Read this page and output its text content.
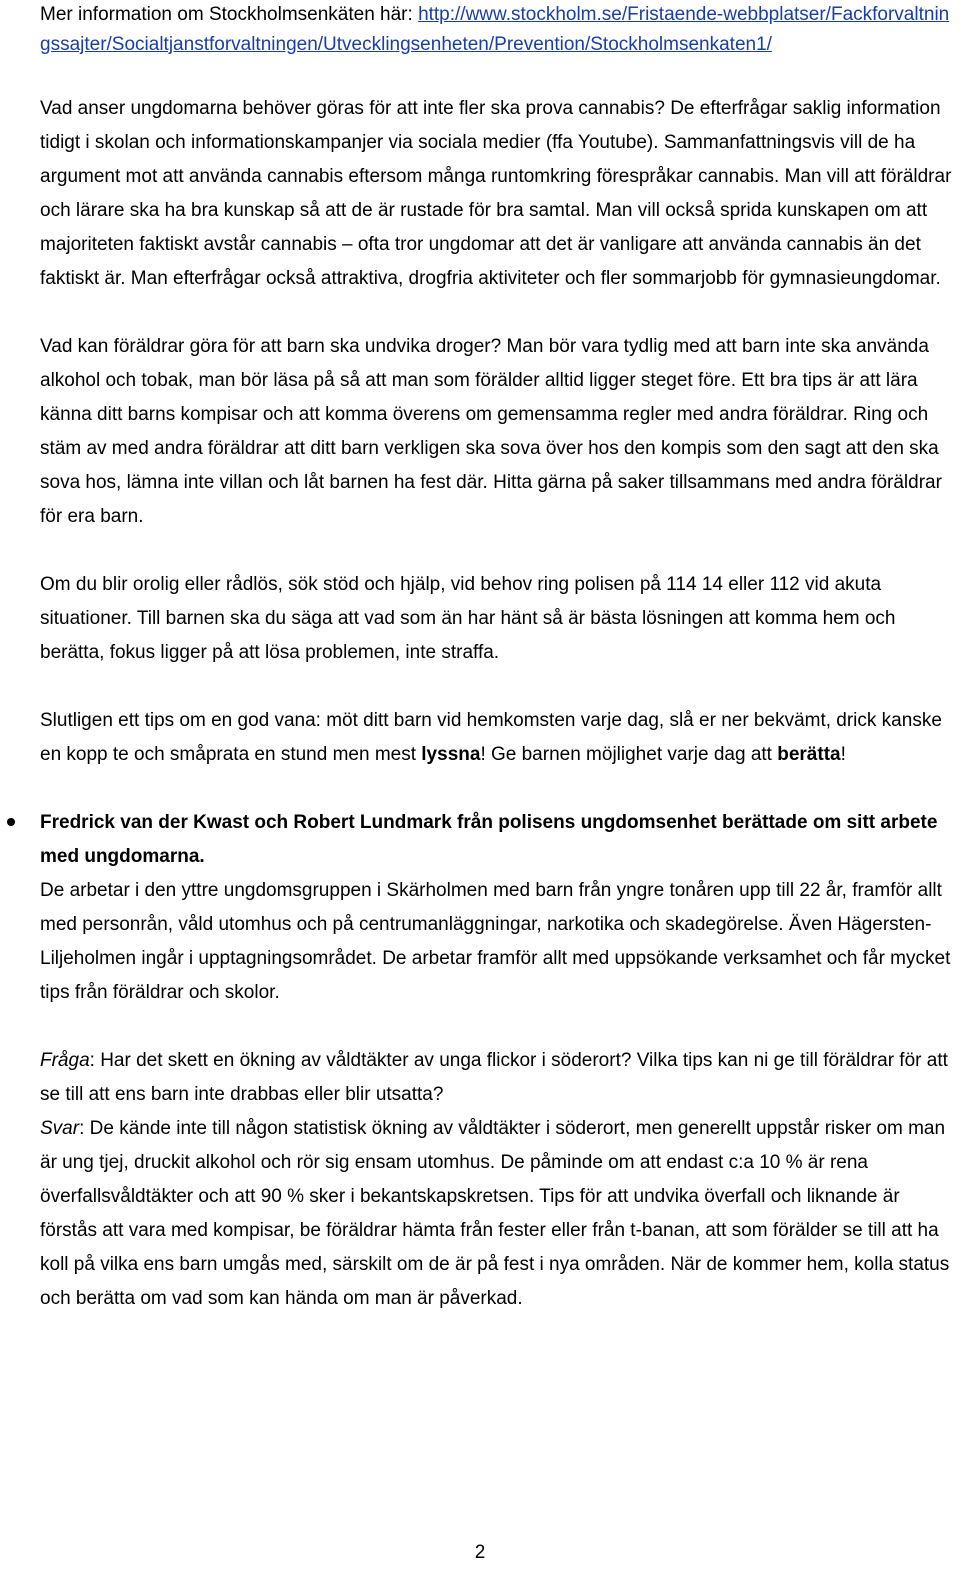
Mer information om Stockholmsenkäten här: http://www.stockholm.se/Fristaende-webbplatser/Fackforvaltningssajter/Socialtjanstforvaltningen/Utvecklingsenheten/Prevention/Stockholmsenkaten1/

Vad anser ungdomarna behöver göras för att inte fler ska prova cannabis? De efterfrågar saklig information tidigt i skolan och informationskampanjer via sociala medier (ffa Youtube). Sammanfattningsvis vill de ha argument mot att använda cannabis eftersom många runtomkring förespråkar cannabis. Man vill att föräldrar och lärare ska ha bra kunskap så att de är rustade för bra samtal. Man vill också sprida kunskapen om att majoriteten faktiskt avstår cannabis – ofta tror ungdomar att det är vanligare att använda cannabis än det faktiskt är. Man efterfrågar också attraktiva, drogfria aktiviteter och fler sommarjobb för gymnasieungdomar.

Vad kan föräldrar göra för att barn ska undvika droger? Man bör vara tydlig med att barn inte ska använda alkohol och tobak, man bör läsa på så att man som förälder alltid ligger steget före. Ett bra tips är att lära känna ditt barns kompisar och att komma överens om gemensamma regler med andra föräldrar. Ring och stäm av med andra föräldrar att ditt barn verkligen ska sova över hos den kompis som den sagt att den ska sova hos, lämna inte villan och låt barnen ha fest där. Hitta gärna på saker tillsammans med andra föräldrar för era barn.

Om du blir orolig eller rådlös, sök stöd och hjälp, vid behov ring polisen på 114 14 eller 112 vid akuta situationer. Till barnen ska du säga att vad som än har hänt så är bästa lösningen att komma hem och berätta, fokus ligger på att lösa problemen, inte straffa.

Slutligen ett tips om en god vana: möt ditt barn vid hemkomsten varje dag, slå er ner bekvämt, drick kanske en kopp te och småprata en stund men mest lyssna! Ge barnen möjlighet varje dag att berätta!

Fredrick van der Kwast och Robert Lundmark från polisens ungdomsenhet berättade om sitt arbete med ungdomarna.

De arbetar i den yttre ungdomsgruppen i Skärholmen med barn från yngre tonåren upp till 22 år, framför allt med personrån, våld utomhus och på centrumanläggningar, narkotika och skadegörelse. Även Hägersten-Liljeholmen ingår i upptagningsområdet. De arbetar framför allt med uppsökande verksamhet och får mycket tips från föräldrar och skolor.

Fråga: Har det skett en ökning av våldtäkter av unga flickor i söderort? Vilka tips kan ni ge till föräldrar för att se till att ens barn inte drabbas eller blir utsatta?

Svar: De kände inte till någon statistisk ökning av våldtäkter i söderort, men generellt uppstår risker om man är ung tjej, druckit alkohol och rör sig ensam utomhus. De påminde om att endast c:a 10 % är rena överfallsvåldtäkter och att 90 % sker i bekantskapskretsen. Tips för att undvika överfall och liknande är förstås att vara med kompisar, be föräldrar hämta från fester eller från t-banan, att som förälder se till att ha koll på vilka ens barn umgås med, särskilt om de är på fest i nya områden. När de kommer hem, kolla status och berätta om vad som kan hända om man är påverkad.

2
